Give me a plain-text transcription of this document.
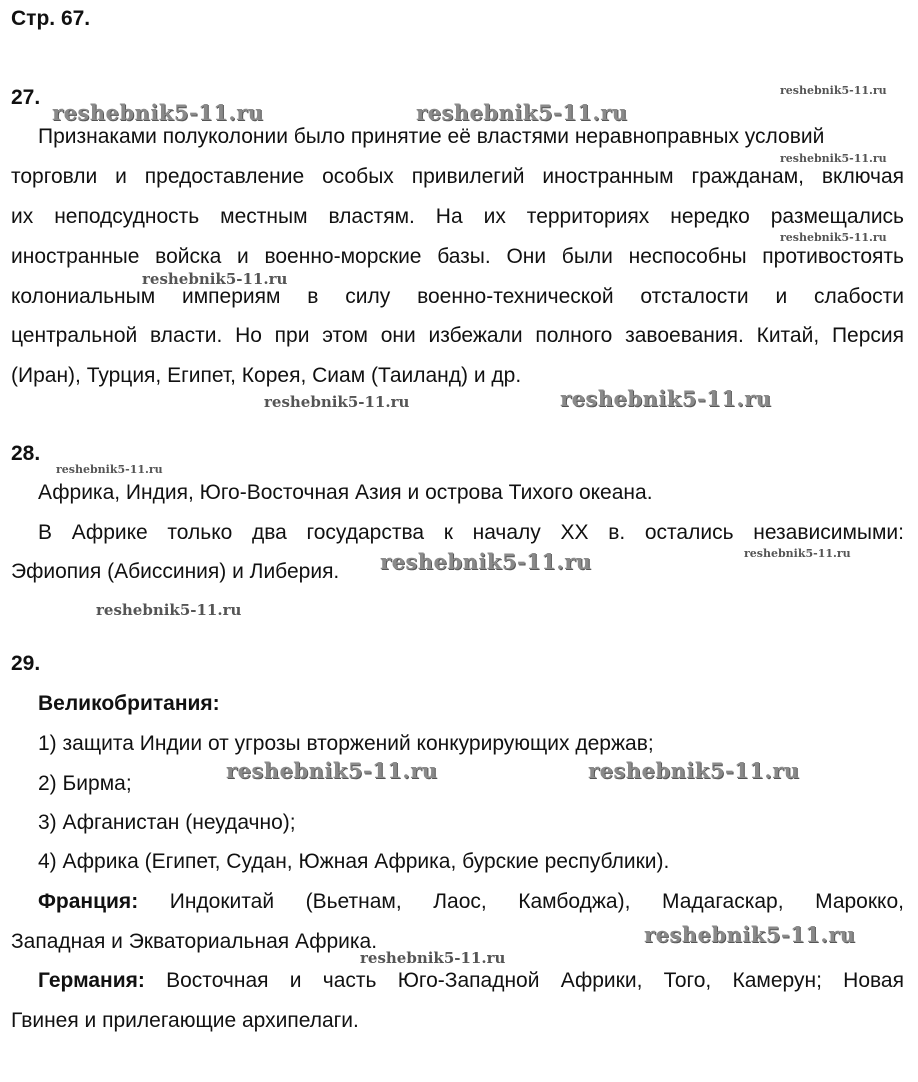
Стр. 67.
27.
Признаками полуколонии было принятие её властями неравноправных условий
торговли и предоставление особых привилегий иностранным гражданам, включая
их неподсудность местным властям. На их территориях нередко размещались
иностранные войска и военно-морские базы. Они были неспособны противостоять
колониальным империям в силу военно-технической отсталости и слабости
центральной власти. Но при этом они избежали полного завоевания. Китай, Персия
(Иран), Турция, Египет, Корея, Сиам (Таиланд) и др.
28.
Африка, Индия, Юго-Восточная Азия и острова Тихого океана.
В Африке только два государства к началу XX в. остались независимыми:
Эфиопия (Абиссиния) и Либерия.
29.
Великобритания:
1) защита Индии от угрозы вторжений конкурирующих держав;
2) Бирма;
3) Афганистан (неудачно);
4) Африка (Египет, Судан, Южная Африка, бурские республики).
Франция: Индокитай (Вьетнам, Лаос, Камбоджа), Мадагаскар, Марокко,
Западная и Экваториальная Африка.
Германия: Восточная и часть Юго-Западной Африки, Того, Камерун; Новая
Гвинея и прилегающие архипелаги.
reshebnik5-11.ru	reshebnik5-11.ru
reshebnik5-11.ru
reshebnik5-11.ru
reshebnik5-11.ru
reshebnik5-11.ru
reshebnik5-11.ru	reshebnik5-11.ru
reshebnik5-11.ru
reshebnik5-11.ru	reshebnik5-11.ru
reshebnik5-11.ru
reshebnik5-11.ru	reshebnik5-11.ru
reshebnik5-11.ru
reshebnik5-11.ru
